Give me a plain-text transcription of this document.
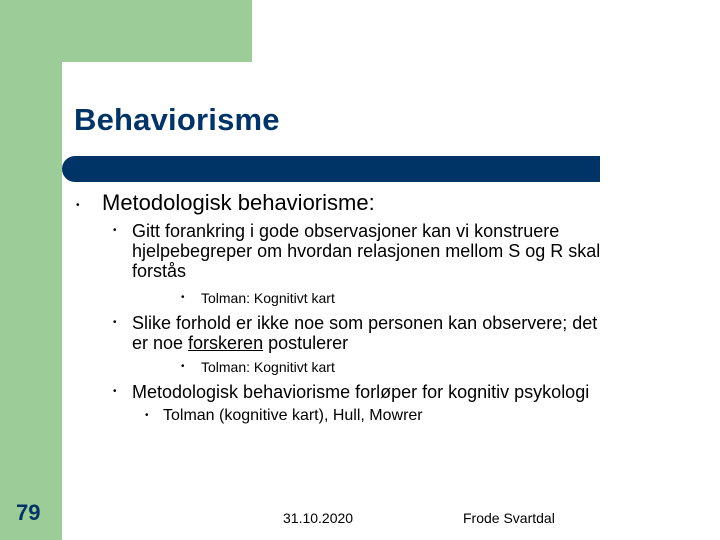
Behaviorisme
• Metodologisk behaviorisme:
• Gitt forankring i gode observasjoner kan vi konstruere
hjelpebegreper om hvordan relasjonen mellom S og R skal
forstås
• Tolman: Kognitivt kart
• Slike forhold er ikke noe som personen kan observere; det
er noe forskeren postulerer
• Tolman: Kognitivt kart
• Metodologisk behaviorisme forløper for kognitiv psykologi
• Tolman (kognitive kart), Hull, Mowrer
79	31.10.2020	Frode Svartdal
